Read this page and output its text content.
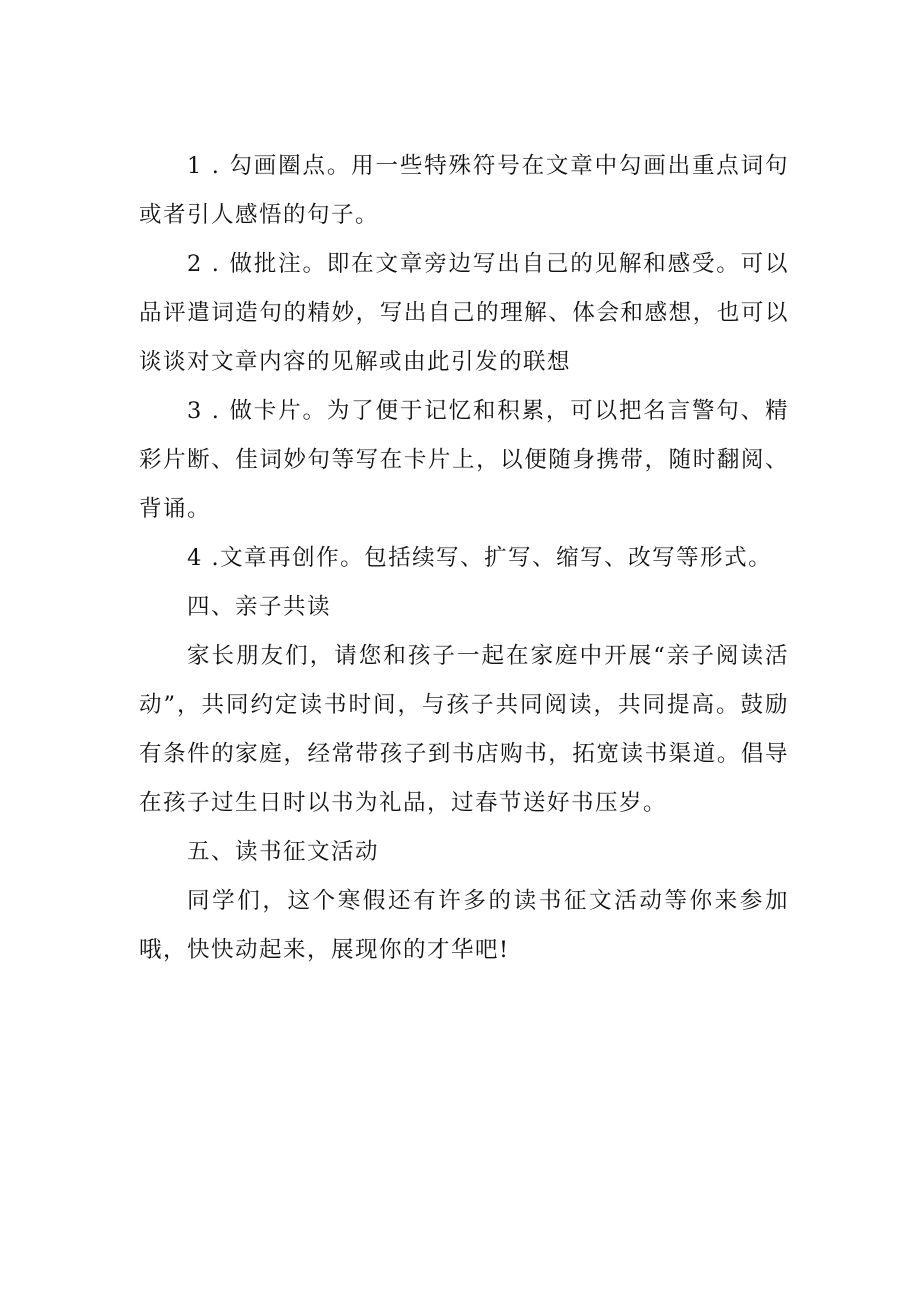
1 . 勾画圈点。用一些特殊符号在文章中勾画出重点词句或者引人感悟的句子。

2 . 做批注。即在文章旁边写出自己的见解和感受。可以品评遣词造句的精妙，写出自己的理解、体会和感想，也可以谈谈对文章内容的见解或由此引发的联想

3 . 做卡片。为了便于记忆和积累，可以把名言警句、精彩片断、佳词妙句等写在卡片上，以便随身携带，随时翻阅、背诵。

4 .文章再创作。包括续写、扩写、缩写、改写等形式。

四、亲子共读

家长朋友们，请您和孩子一起在家庭中开展“亲子阅读活动”，共同约定读书时间，与孩子共同阅读，共同提高。鼓励有条件的家庭，经常带孩子到书店购书，拓宽读书渠道。倡导在孩子过生日时以书为礼品，过春节送好书压岁。

五、读书征文活动

同学们，这个寒假还有许多的读书征文活动等你来参加哦，快快动起来，展现你的才华吧!
